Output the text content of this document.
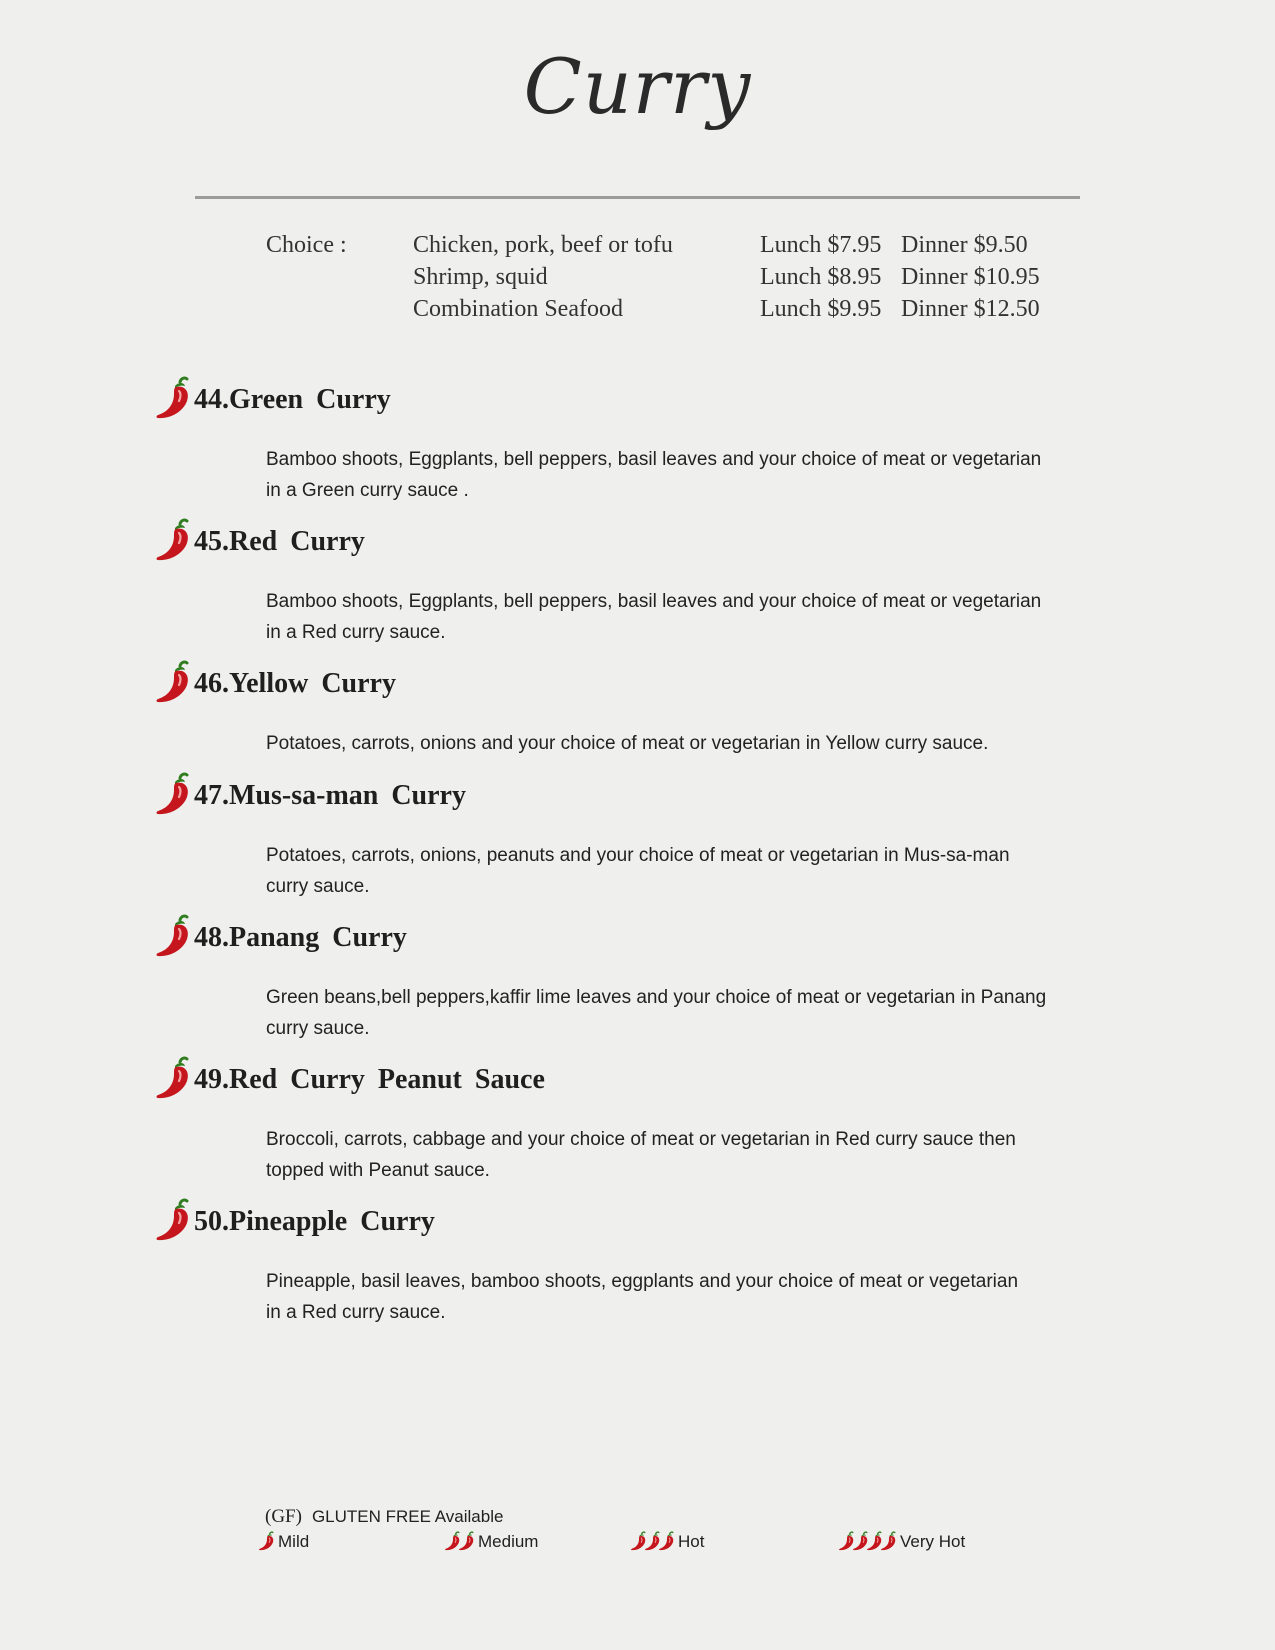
Curry
Choice :	Chicken, pork, beef or tofu	Lunch $7.95 Dinner $9.50
Shrimp, squid	Lunch $8.95 Dinner $10.95
Combination Seafood	Lunch $9.95 Dinner $12.50
44.Green Curry
Bamboo shoots, Eggplants, bell peppers, basil leaves and your choice of meat or vegetarian
in a Green curry sauce .
45.Red Curry
Bamboo shoots, Eggplants, bell peppers, basil leaves and your choice of meat or vegetarian
in a Red curry sauce.
46.Yellow Curry
Potatoes, carrots, onions and your choice of meat or vegetarian in Yellow curry sauce.
47.Mus-sa-man Curry
Potatoes, carrots, onions, peanuts and your choice of meat or vegetarian in Mus-sa-man
curry sauce.
48.Panang Curry
Green beans,bell peppers,kaffir lime leaves and your choice of meat or vegetarian in Panang
curry sauce.
49.Red Curry Peanut Sauce
Broccoli, carrots, cabbage and your choice of meat or vegetarian in Red curry sauce then
topped with Peanut sauce.
50.Pineapple Curry
Pineapple, basil leaves, bamboo shoots, eggplants and your choice of meat or vegetarian
in a Red curry sauce.
(GF) GLUTEN FREE Available
Mild	Medium	Hot	Very Hot
